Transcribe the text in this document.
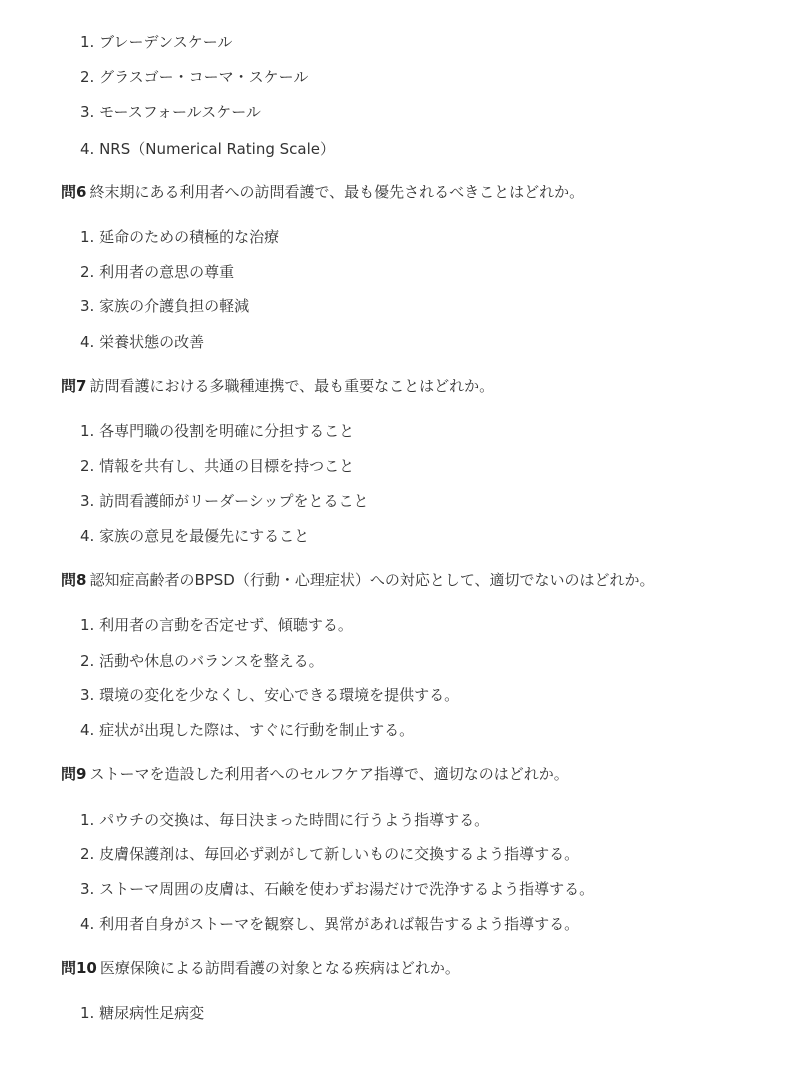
1. ブレーデンスケール
2. グラスゴー・コーマ・スケール
3. モースフォールスケール
4. NRS（Numerical Rating Scale）
問6 終末期にある利用者への訪問看護で、最も優先されるべきことはどれか。
1. 延命のための積極的な治療
2. 利用者の意思の尊重
3. 家族の介護負担の軽減
4. 栄養状態の改善
問7 訪問看護における多職種連携で、最も重要なことはどれか。
1. 各専門職の役割を明確に分担すること
2. 情報を共有し、共通の目標を持つこと
3. 訪問看護師がリーダーシップをとること
4. 家族の意見を最優先にすること
問8 認知症高齢者のBPSD（行動・心理症状）への対応として、適切でないのはどれか。
1. 利用者の言動を否定せず、傾聴する。
2. 活動や休息のバランスを整える。
3. 環境の変化を少なくし、安心できる環境を提供する。
4. 症状が出現した際は、すぐに行動を制止する。
問9 ストーマを造設した利用者へのセルフケア指導で、適切なのはどれか。
1. パウチの交換は、毎日決まった時間に行うよう指導する。
2. 皮膚保護剤は、毎回必ず剥がして新しいものに交換するよう指導する。
3. ストーマ周囲の皮膚は、石鹸を使わずお湯だけで洗浄するよう指導する。
4. 利用者自身がストーマを観察し、異常があれば報告するよう指導する。
問10 医療保険による訪問看護の対象となる疾病はどれか。
1. 糖尿病性足病変
